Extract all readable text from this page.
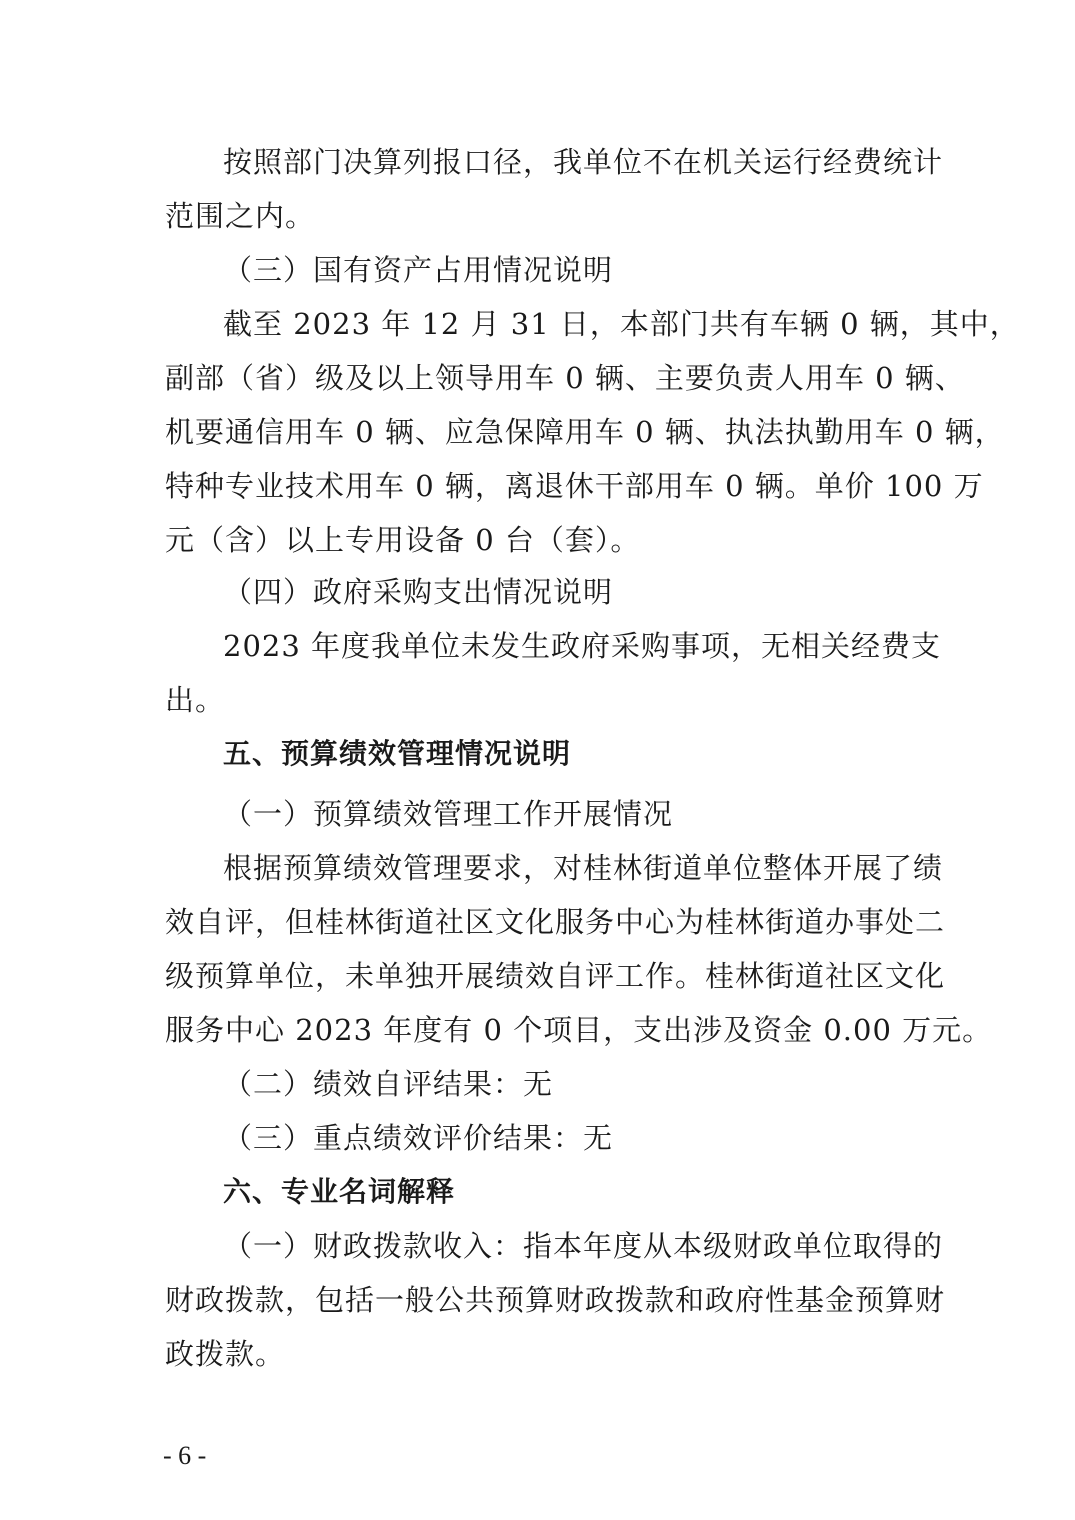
按照部门决算列报口径，我单位不在机关运行经费统计
范围之内。
（三）国有资产占用情况说明
截至 2023 年 12 月 31 日，本部门共有车辆 0 辆，其中，
副部（省）级及以上领导用车 0 辆、主要负责人用车 0 辆、
机要通信用车 0 辆、应急保障用车 0 辆、执法执勤用车 0 辆，
特种专业技术用车 0 辆，离退休干部用车 0 辆。单价 100 万
元（含）以上专用设备 0 台（套）。
（四）政府采购支出情况说明
2023 年度我单位未发生政府采购事项，无相关经费支
出。
五、预算绩效管理情况说明
（一）预算绩效管理工作开展情况
根据预算绩效管理要求，对桂林街道单位整体开展了绩
效自评，但桂林街道社区文化服务中心为桂林街道办事处二
级预算单位，未单独开展绩效自评工作。桂林街道社区文化
服务中心 2023 年度有 0 个项目，支出涉及资金 0.00 万元。
（二）绩效自评结果：无
（三）重点绩效评价结果：无
六、专业名词解释
（一）财政拨款收入：指本年度从本级财政单位取得的
财政拨款，包括一般公共预算财政拨款和政府性基金预算财
政拨款。
- 6 -
